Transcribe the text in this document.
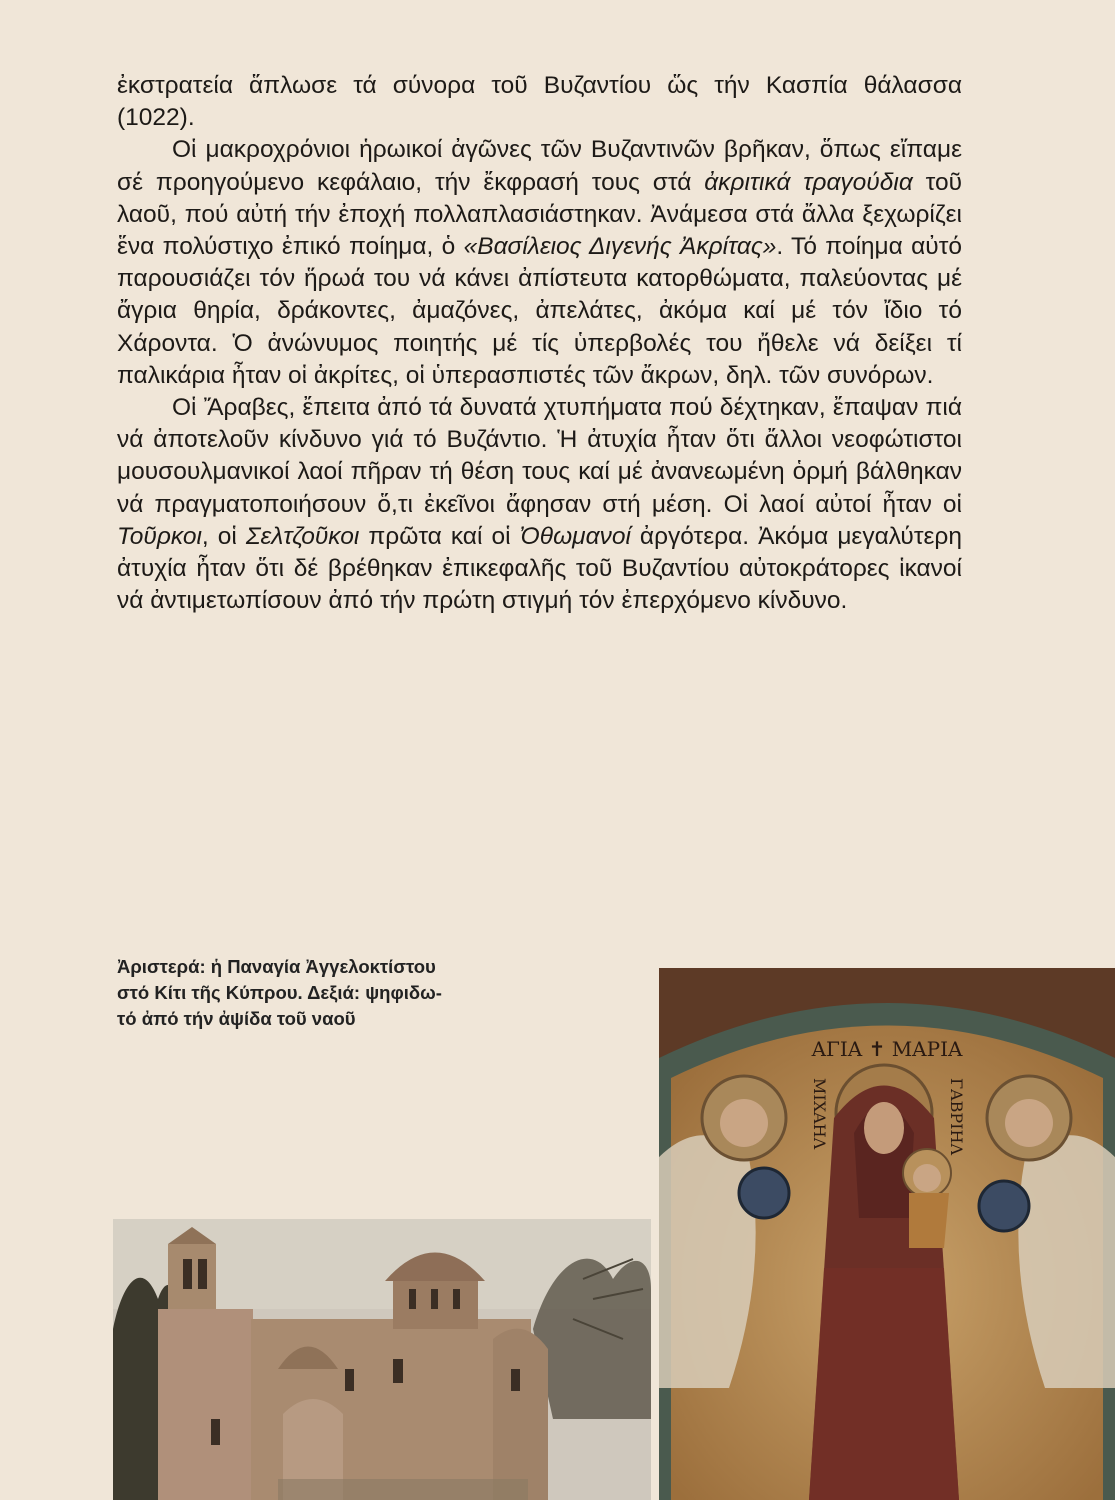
ἐκστρατεία ἅπλωσε τά σύνορα τοῦ Βυζαντίου ὥς τήν Κασπία θάλασσα (1022).

Οἱ μακροχρόνιοι ἡρωικοί ἀγῶνες τῶν Βυζαντινῶν βρῆκαν, ὅπως εἴπαμε σέ προηγούμενο κεφάλαιο, τήν ἔκφρασή τους στά ἀκριτικά τραγούδια τοῦ λαοῦ, πού αὐτή τήν ἐποχή πολλαπλασιάστηκαν. Ἀνάμεσα στά ἄλλα ξεχωρίζει ἕνα πολύστιχο ἐπικό ποίημα, ὁ «Βασίλειος Διγενής Ἀκρίτας». Τό ποίημα αὐτό παρουσιάζει τόν ἥρωά του νά κάνει ἀπίστευτα κατορθώματα, παλεύοντας μέ ἄγρια θηρία, δράκοντες, ἀμαζόνες, ἀπελάτες, ἀκόμα καί μέ τόν ἴδιο τό Χάροντα. Ὁ ἀνώνυμος ποιητής μέ τίς ὑπερβολές του ἤθελε νά δείξει τί παλικάρια ἦταν οἱ ἀκρίτες, οἱ ὑπερασπιστές τῶν ἄκρων, δηλ. τῶν συνόρων.

Οἱ Ἄραβες, ἔπειτα ἀπό τά δυνατά χτυπήματα πού δέχτηκαν, ἔπαψαν πιά νά ἀποτελοῦν κίνδυνο γιά τό Βυζάντιο. Ἡ ἀτυχία ἦταν ὅτι ἄλλοι νεοφώτιστοι μουσουλμανικοί λαοί πῆραν τή θέση τους καί μέ ἀνανεωμένη ὁρμή βάλθηκαν νά πραγματοποιήσουν ὅ,τι ἐκεῖνοι ἄφησαν στή μέση. Οἱ λαοί αὐτοί ἦταν οἱ Τοῦρκοι, οἱ Σελτζοῦκοι πρῶτα καί οἱ Ὀθωμανοί ἀργότερα. Ἀκόμα μεγαλύτερη ἀτυχία ἦταν ὅτι δέ βρέθηκαν ἐπικεφαλῆς τοῦ Βυζαντίου αὐτοκράτορες ἱκανοί νά ἀντιμετωπίσουν ἀπό τήν πρώτη στιγμή τόν ἐπερχόμενο κίνδυνο.

Ἀριστερά: ἡ Παναγία Ἀγγελοκτίστου
στό Κίτι τῆς Κύπρου. Δεξιά: ψηφιδω-
τό ἀπό τήν ἀψίδα τοῦ ναοῦ
ΑΓΙΑ ✝ ΜΑΡΙΑ
ΜΙΧΑΗΛ	ΓΑΒΡΙΗΛ
